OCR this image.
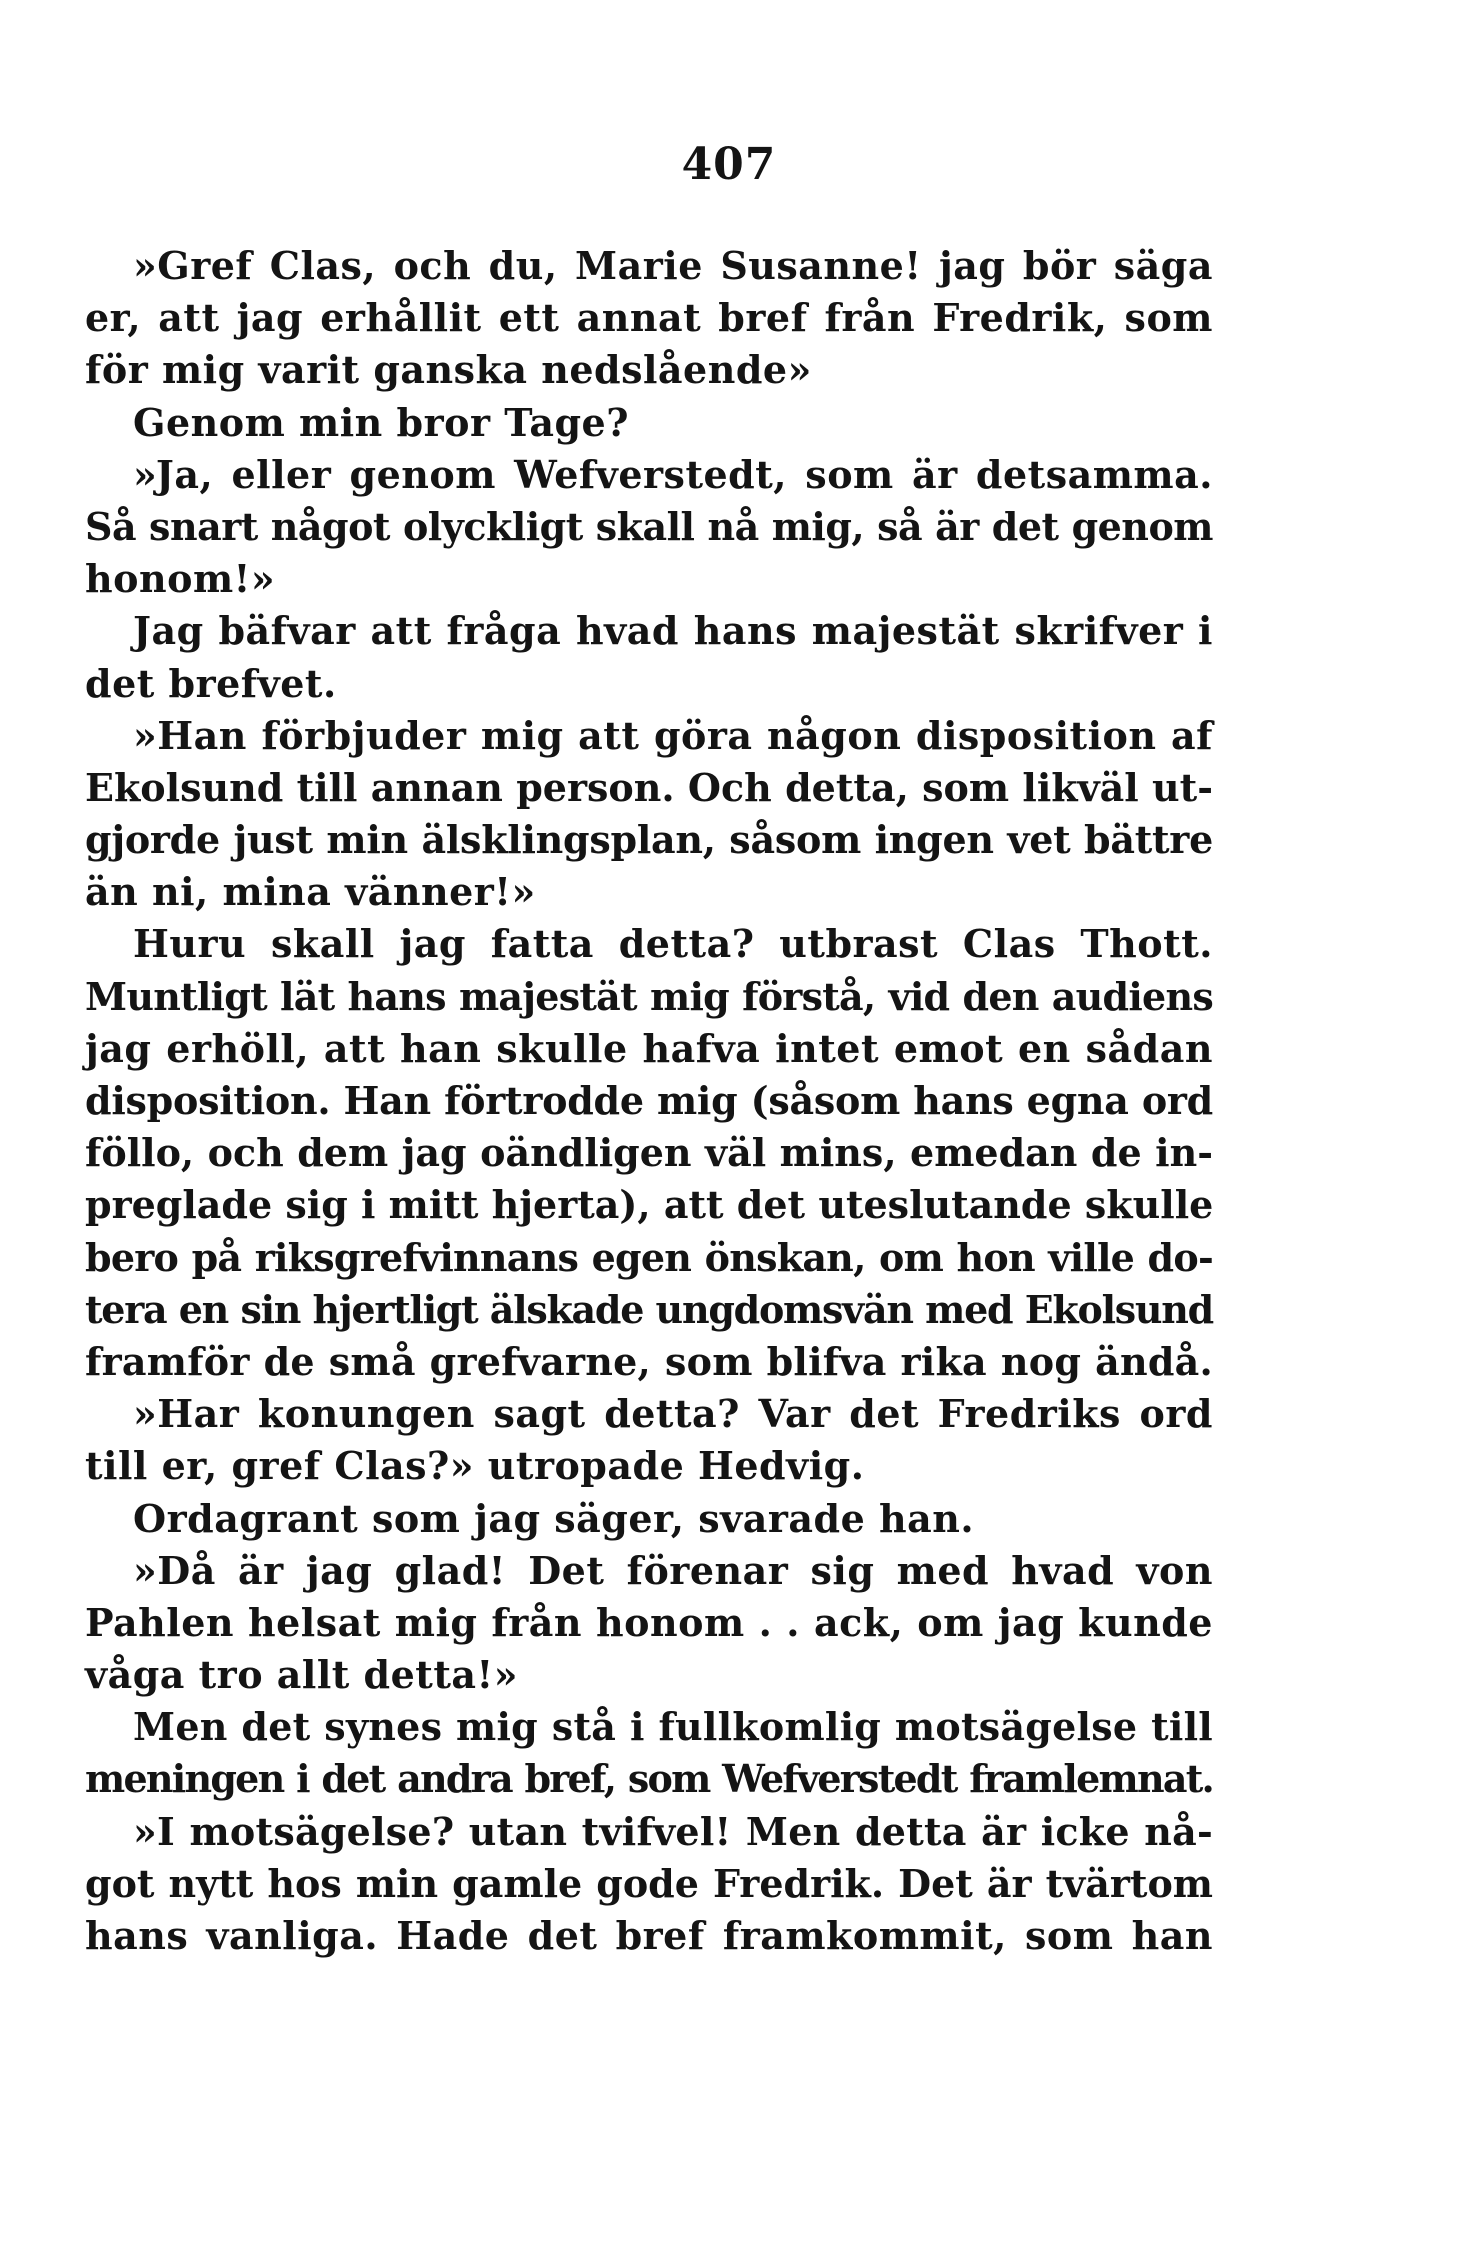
407
»Gref Clas, och du, Marie Susanne! jag bör säga
er, att jag erhållit ett annat bref från Fredrik, som
för mig varit ganska nedslående»
Genom min bror Tage?
»Ja, eller genom Wefverstedt, som är detsamma.
Så snart något olyckligt skall nå mig, så är det genom
honom!»
Jag bäfvar att fråga hvad hans majestät skrifver i
det brefvet.
»Han förbjuder mig att göra någon disposition af
Ekolsund till annan person. Och detta, som likväl ut-
gjorde just min älsklingsplan, såsom ingen vet bättre
än ni, mina vänner!»
Huru skall jag fatta detta? utbrast Clas Thott.
Muntligt lät hans majestät mig förstå, vid den audiens
jag erhöll, att han skulle hafva intet emot en sådan
disposition. Han förtrodde mig (såsom hans egna ord
föllo, och dem jag oändligen väl mins, emedan de in-
preglade sig i mitt hjerta), att det uteslutande skulle
bero på riksgrefvinnans egen önskan, om hon ville do-
tera en sin hjertligt älskade ungdomsvän med Ekolsund
framför de små grefvarne, som blifva rika nog ändå.
»Har konungen sagt detta? Var det Fredriks ord
till er, gref Clas?» utropade Hedvig.
Ordagrant som jag säger, svarade han.
»Då är jag glad! Det förenar sig med hvad von
Pahlen helsat mig från honom . . ack, om jag kunde
våga tro allt detta!»
Men det synes mig stå i fullkomlig motsägelse till
meningen i det andra bref, som Wefverstedt framlemnat.
»I motsägelse? utan tvifvel! Men detta är icke nå-
got nytt hos min gamle gode Fredrik. Det är tvärtom
hans vanliga. Hade det bref framkommit, som han
